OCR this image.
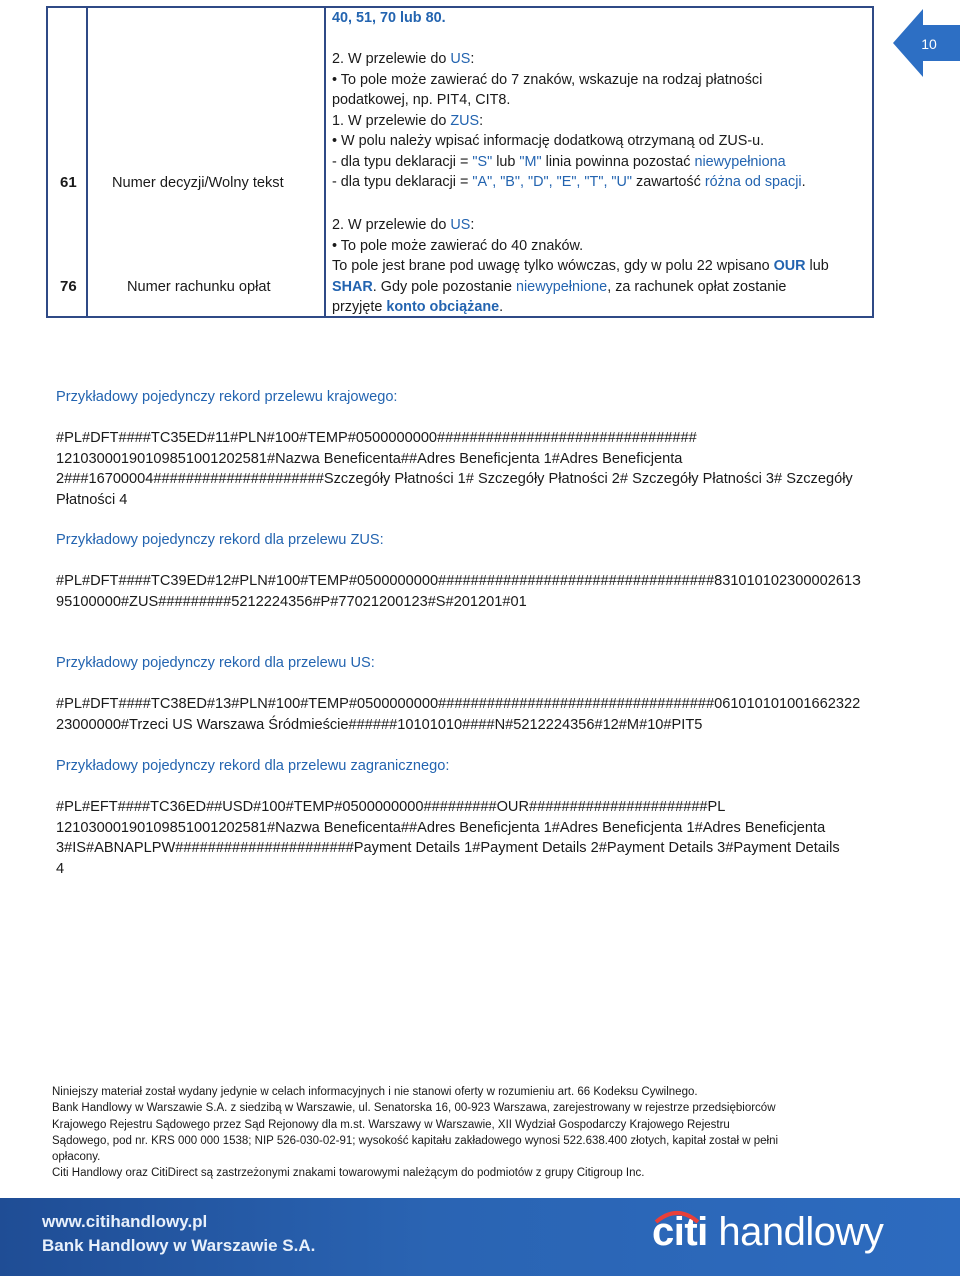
10
40, 51, 70 lub 80.
61 Numer decyzji/Wolny tekst
2. W przelewie do US:
• To pole może zawierać do 7 znaków, wskazuje na rodzaj płatności
podatkowej, np. PIT4, CIT8.
1. W przelewie do ZUS:
• W polu należy wpisać informację dodatkową otrzymaną od ZUS-u.
- dla typu deklaracji = "S" lub "M" linia powinna pozostać niewypełniona
- dla typu deklaracji = "A", "B", "D", "E", "T", "U" zawartość różna od spacji.
76	Numer rachunku opłat
2. W przelewie do US:
• To pole może zawierać do 40 znaków.
To pole jest brane pod uwagę tylko wówczas, gdy w polu 22 wpisano OUR lub
SHAR. Gdy pole pozostanie niewypełnione, za rachunek opłat zostanie
przyjęte konto obciążane.
Przykładowy pojedynczy rekord przelewu krajowego:
#PL#DFT####TC35ED#11#PLN#100#TEMP#0500000000################################
12103000190109851001202581#Nazwa Beneficenta##Adres Beneficjenta 1#Adres Beneficjenta
2###16700004#####################Szczegóły Płatności 1# Szczegóły Płatności 2# Szczegóły Płatności 3# Szczegóły
Płatności 4
Przykładowy pojedynczy rekord dla przelewu ZUS:
#PL#DFT####TC39ED#12#PLN#100#TEMP#0500000000##################################83101010230000261З
95100000#ZUS#########5212224356#P#77021200123#S#201201#01
Przykładowy pojedynczy rekord dla przelewu US:
#PL#DFT####TC38ED#13#PLN#100#TEMP#0500000000##################################06101010100166232​2
23000000#Trzeci US Warszawa Śródmieście######10101010####N#5212224356#12#M#10#PIT5
Przykładowy pojedynczy rekord dla przelewu zagranicznego:
#PL#EFT####TC36ED##USD#100#TEMP#0500000000#########OUR######################PL
12103000190109851001202581#Nazwa Beneficenta##Adres Beneficjenta 1#Adres Beneficjenta 1#Adres Beneficjenta
3#IS#ABNAPLPW######################Payment Details 1#Payment Details 2#Payment Details 3#Payment Details
4
Niniejszy materiał został wydany jedynie w celach informacyjnych i nie stanowi oferty w rozumieniu art. 66 Kodeksu Cywilnego.
Bank Handlowy w Warszawie S.A. z siedzibą w Warszawie, ul. Senatorska 16, 00-923 Warszawa, zarejestrowany w rejestrze przedsiębiorców
Krajowego Rejestru Sądowego przez Sąd Rejonowy dla m.st. Warszawy w Warszawie, XII Wydział Gospodarczy Krajowego Rejestru
Sądowego, pod nr. KRS 000 000 1538; NIP 526-030-02-91; wysokość kapitału zakładowego wynosi 522.638.400 złotych, kapitał został w pełni
opłacony.
Citi Handlowy oraz CitiDirect są zastrzeżonymi znakami towarowymi należącym do podmiotów z grupy Citigroup Inc.
www.citihandlowy.pl
Bank Handlowy w Warszawie S.A.	citi handlowy
